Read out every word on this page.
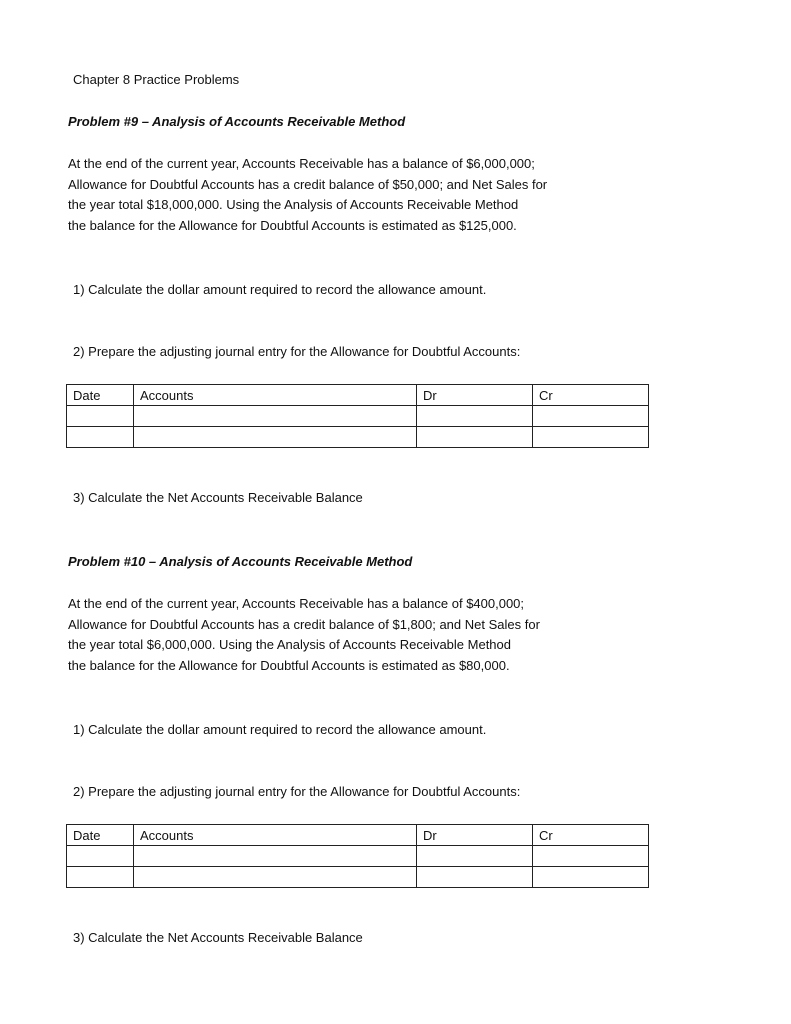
Chapter 8 Practice Problems
Problem #9 – Analysis of Accounts Receivable Method
At the end of the current year, Accounts Receivable has a balance of $6,000,000;
Allowance for Doubtful Accounts has a credit balance of $50,000; and Net Sales for
the year total $18,000,000. Using the Analysis of Accounts Receivable Method
the balance for the Allowance for Doubtful Accounts is estimated as $125,000.
1) Calculate the dollar amount required to record the allowance amount.
2) Prepare the adjusting journal entry for the Allowance for Doubtful Accounts:
Date	Accounts	Dr	Cr

3) Calculate the Net Accounts Receivable Balance
Problem #10 – Analysis of Accounts Receivable Method
At the end of the current year, Accounts Receivable has a balance of $400,000;
Allowance for Doubtful Accounts has a credit balance of $1,800; and Net Sales for
the year total $6,000,000. Using the Analysis of Accounts Receivable Method
the balance for the Allowance for Doubtful Accounts is estimated as $80,000.
1) Calculate the dollar amount required to record the allowance amount.
2) Prepare the adjusting journal entry for the Allowance for Doubtful Accounts:
Date	Accounts	Dr	Cr

3) Calculate the Net Accounts Receivable Balance
